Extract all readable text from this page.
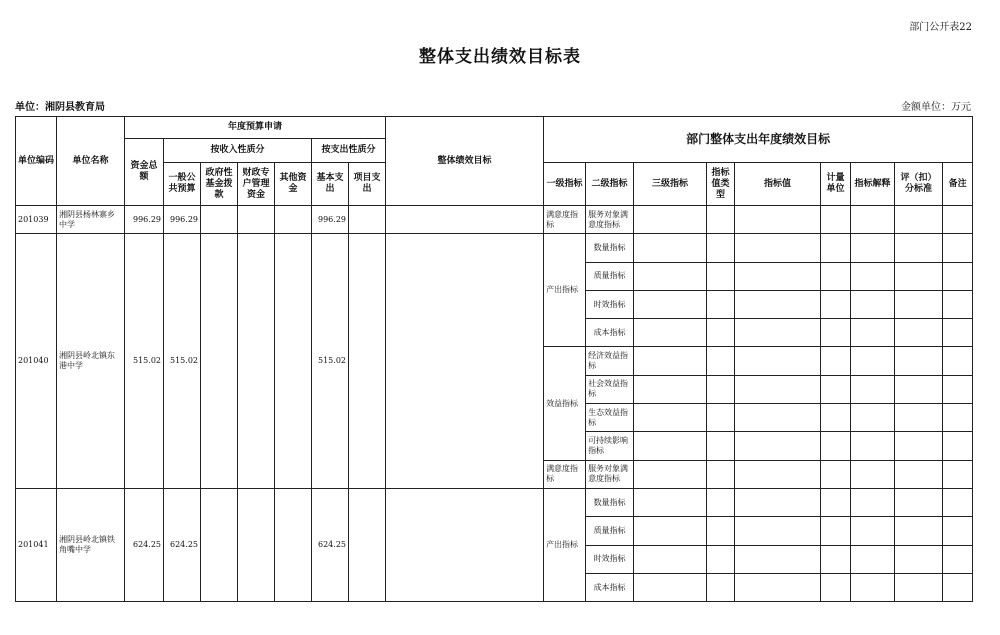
部门公开表22
整体支出绩效目标表
单位：湘阴县教育局	金额单位：万元
单位编码	单位名称	年度预算申请							整体绩效目标	部门整体支出年度绩效目标								
		资金总额	按收入性质分				按支出性质分											
			一般公共预算	政府性基金拨款	财政专户管理资金	其他资金	基本支出	项目支出		一级指标	二级指标	三级指标	指标值类型	指标值	计量单位	指标解释	评（扣）分标准	备注
201039	湘阴县杨林寨乡中学	996.29	996.29				996.29			满意度指标	服务对象满意度指标							
201040	湘阴县岭北镇东港中学	515.02	515.02				515.02			产出指标	数量指标							
											质量指标							
											时效指标							
											成本指标							
										效益指标	经济效益指标							
											社会效益指标							
											生态效益指标							
											可持续影响指标							
										满意度指标	服务对象满意度指标							
201041	湘阴县岭北镇铁角嘴中学	624.25	624.25				624.25			产出指标	数量指标							
											质量指标							
											时效指标							
											成本指标							
